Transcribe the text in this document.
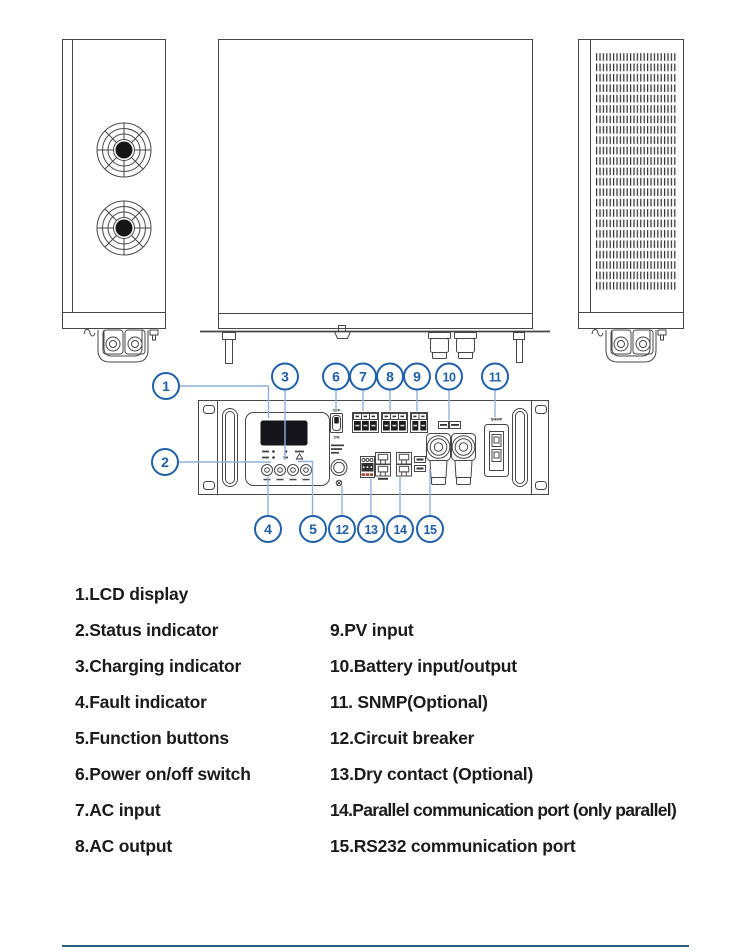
OFF
ON
SNMP
1
2
3	6 7 8 9 10	11
4	5 12 13 14 15
1.LCD display
2.Status indicator
3.Charging indicator
4.Fault indicator
5.Function buttons
6.Power on/off switch
7.AC input
8.AC output
9.PV input
10.Battery input/output
11. SNMP(Optional)
12.Circuit breaker
13.Dry contact (Optional)
14.Parallel communication port (only parallel)
15.RS232 communication port
